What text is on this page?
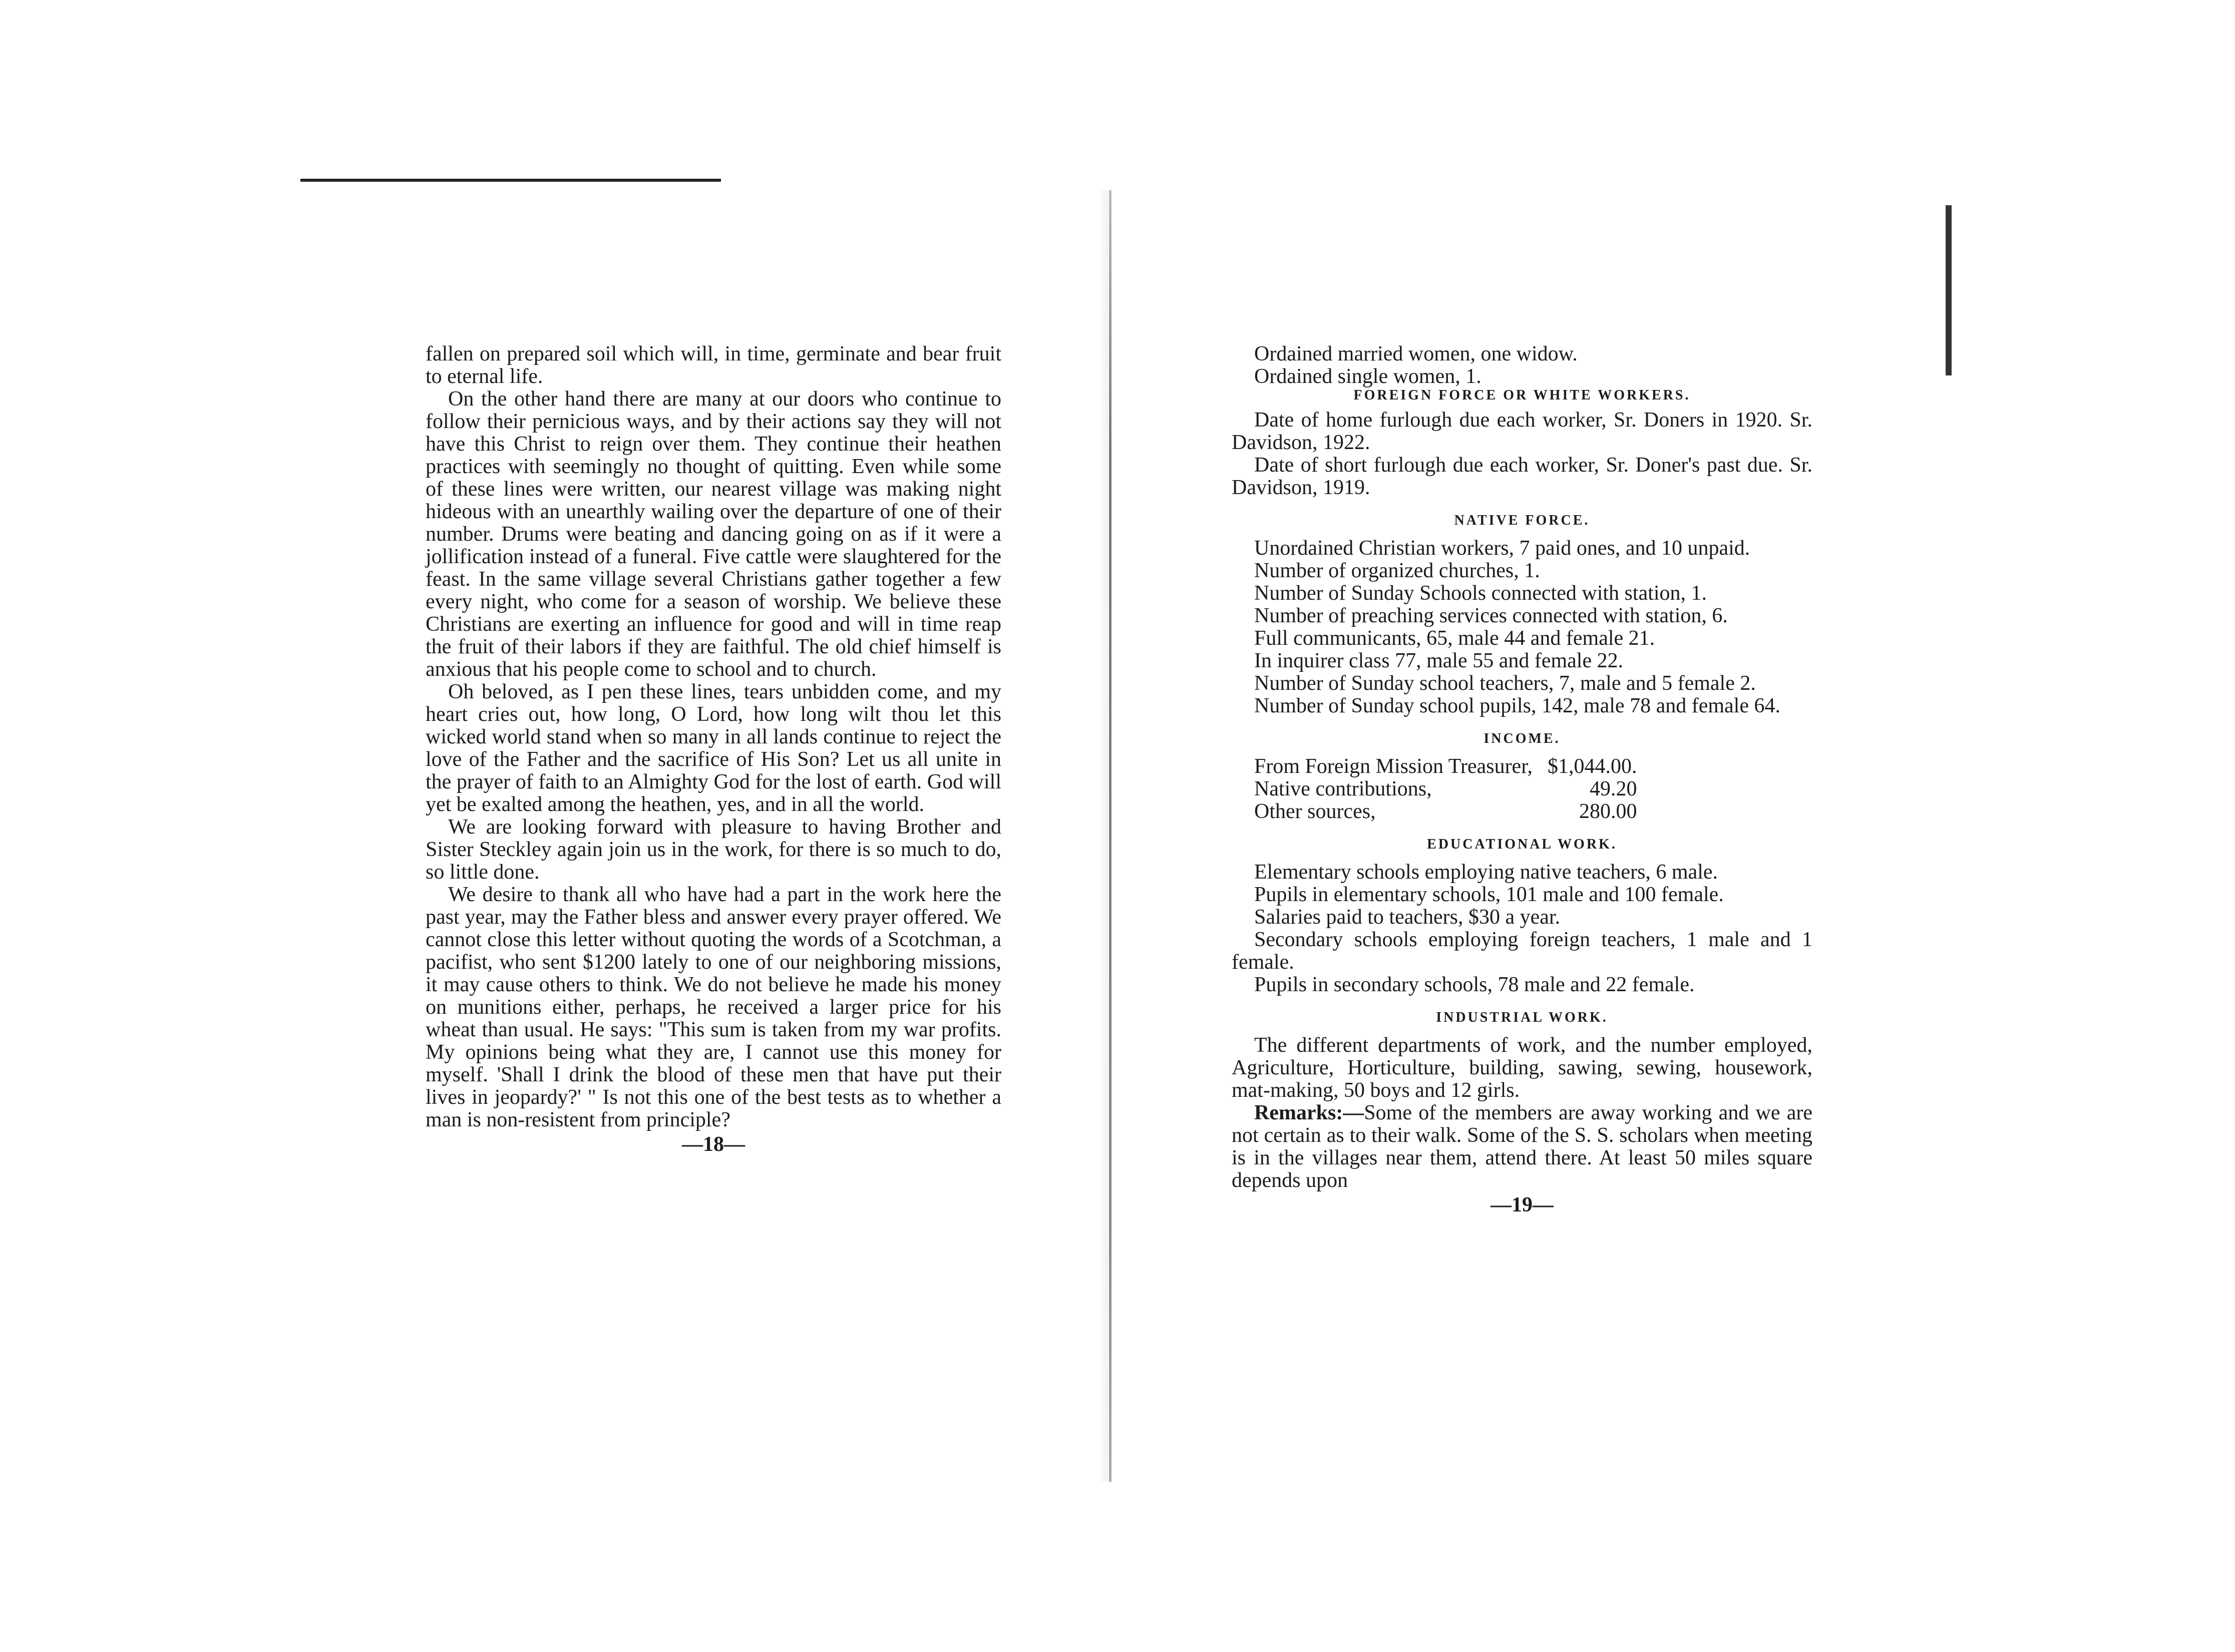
fallen on prepared soil which will, in time, germinate and bear fruit to eternal life.

On the other hand there are many at our doors who continue to follow their pernicious ways, and by their actions say they will not have this Christ to reign over them. They continue their heathen practices with seemingly no thought of quitting. Even while some of these lines were written, our nearest village was making night hideous with an unearthly wailing over the departure of one of their number. Drums were beating and dancing going on as if it were a jollification instead of a funeral. Five cattle were slaughtered for the feast. In the same village several Christians gather together a few every night, who come for a season of worship. We believe these Christians are exerting an influence for good and will in time reap the fruit of their labors if they are faithful. The old chief himself is anxious that his people come to school and to church.

Oh beloved, as I pen these lines, tears unbidden come, and my heart cries out, how long, O Lord, how long wilt thou let this wicked world stand when so many in all lands continue to reject the love of the Father and the sacrifice of His Son? Let us all unite in the prayer of faith to an Almighty God for the lost of earth. God will yet be exalted among the heathen, yes, and in all the world.

We are looking forward with pleasure to having Brother and Sister Steckley again join us in the work, for there is so much to do, so little done.

We desire to thank all who have had a part in the work here the past year, may the Father bless and answer every prayer offered. We cannot close this letter without quoting the words of a Scotchman, a pacifist, who sent $1200 lately to one of our neighboring missions, it may cause others to think. We do not believe he made his money on munitions either, perhaps, he received a larger price for his wheat than usual. He says: "This sum is taken from my war profits. My opinions being what they are, I cannot use this money for myself. 'Shall I drink the blood of these men that have put their lives in jeopardy?' " Is not this one of the best tests as to whether a man is non-resistent from principle?

—18—

Ordained married women, one widow.

Ordained single women, 1.

FOREIGN FORCE OR WHITE WORKERS.

Date of home furlough due each worker, Sr. Doners in 1920. Sr. Davidson, 1922.

Date of short furlough due each worker, Sr. Doner's past due. Sr. Davidson, 1919.

NATIVE FORCE.

Unordained Christian workers, 7 paid ones, and 10 unpaid.

Number of organized churches, 1.

Number of Sunday Schools connected with station, 1.

Number of preaching services connected with station, 6.

Full communicants, 65, male 44 and female 21.

In inquirer class 77, male 55 and female 22.

Number of Sunday school teachers, 7, male and 5 female 2.

Number of Sunday school pupils, 142, male 78 and female 64.

INCOME.
From Foreign Mission Treasurer,	$1,044.00.
Native contributions,	49.20
Other sources,	280.00
EDUCATIONAL WORK.

Elementary schools employing native teachers, 6 male.

Pupils in elementary schools, 101 male and 100 female.

Salaries paid to teachers, $30 a year.

Secondary schools employing foreign teachers, 1 male and 1 female.

Pupils in secondary schools, 78 male and 22 female.

INDUSTRIAL WORK.

The different departments of work, and the number employed, Agriculture, Horticulture, building, sawing, sewing, housework, mat-making, 50 boys and 12 girls.

Remarks:—Some of the members are away working and we are not certain as to their walk. Some of the S. S. scholars when meeting is in the villages near them, attend there. At least 50 miles square depends upon

—19—
